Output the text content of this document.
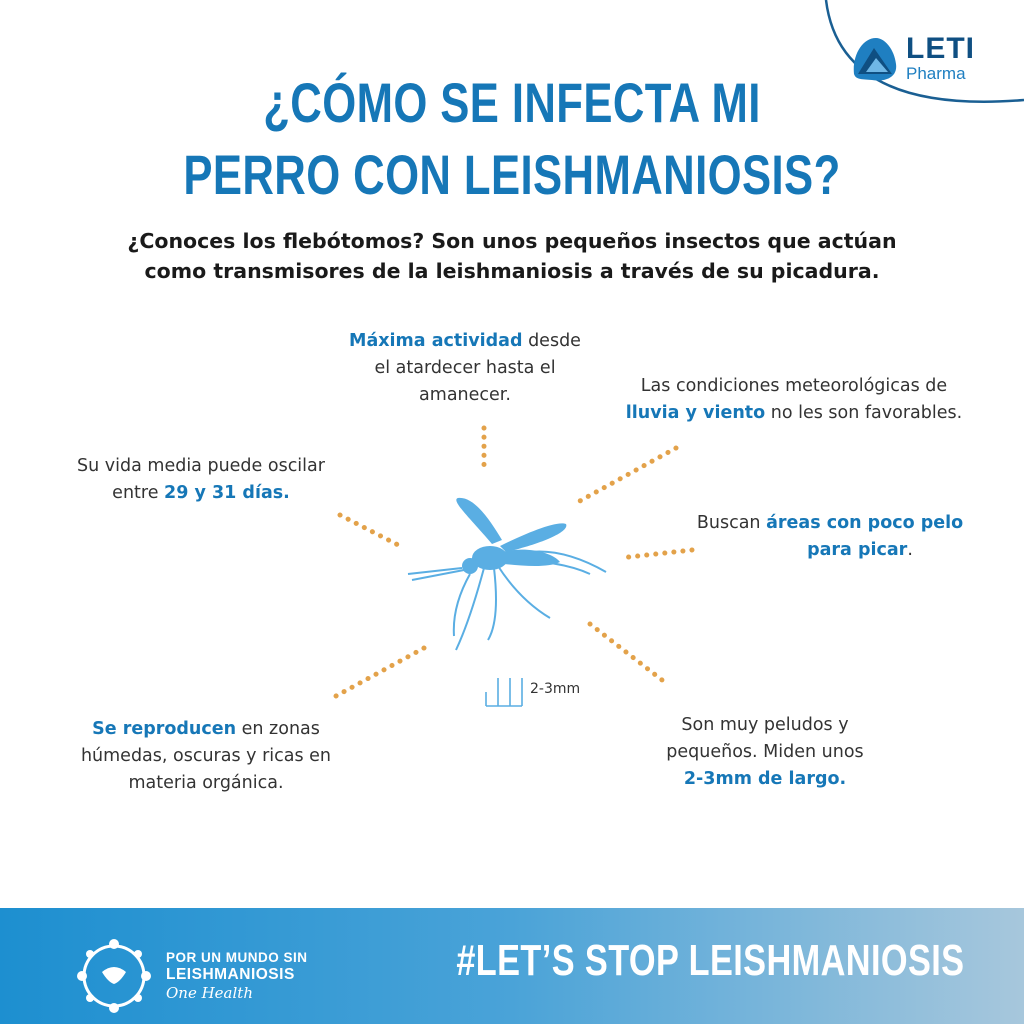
LETI
Pharma
¿CÓMO SE INFECTA MI
PERRO CON LEISHMANIOSIS?
¿Conoces los flebótomos? Son unos pequeños insectos que actúan
como transmisores de la leishmaniosis a través de su picadura.
Máxima actividad desde
el atardecer hasta el
amanecer.	Las condiciones meteorológicas de
lluvia y viento no les son favorables.
Su vida media puede oscilar
entre 29 y 31 días.
Buscan áreas con poco pelo
para picar.
Se reproducen en zonas
húmedas, oscuras y ricas en
materia orgánica.
Son muy peludos y
pequeños. Miden unos
2-3mm de largo.
2-3mm
POR UN MUNDO SIN
LEISHMANIOSIS
One Health
#LET’S STOP LEISHMANIOSIS
